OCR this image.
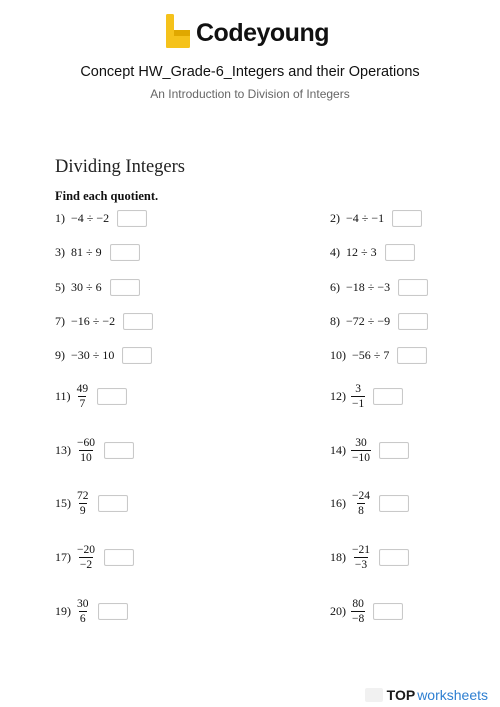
Codeyoung
Concept HW_Grade-6_Integers and their Operations
An Introduction to Division of Integers
Dividing Integers
Find each quotient.
1) −4 ÷ −2	2) −4 ÷ −1
3) 81 ÷ 9	4) 12 ÷ 3
5) 30 ÷ 6	6) −18 ÷ −3
7) −16 ÷ −2	8) −72 ÷ −9
9) −30 ÷ 10	10) −56 ÷ 7
$11) \frac{49}{7}$	$12) \frac{3}{-1}$
$13) \frac{-60}{10}$	$14) \frac{30}{-10}$
$15) \frac{72}{9}$	$16) \frac{-24}{8}$
$17) \frac{-20}{-2}$	$18) \frac{-21}{-3}$
$19) \frac{30}{6}$	$20) \frac{80}{-8}$
TOP worksheets
